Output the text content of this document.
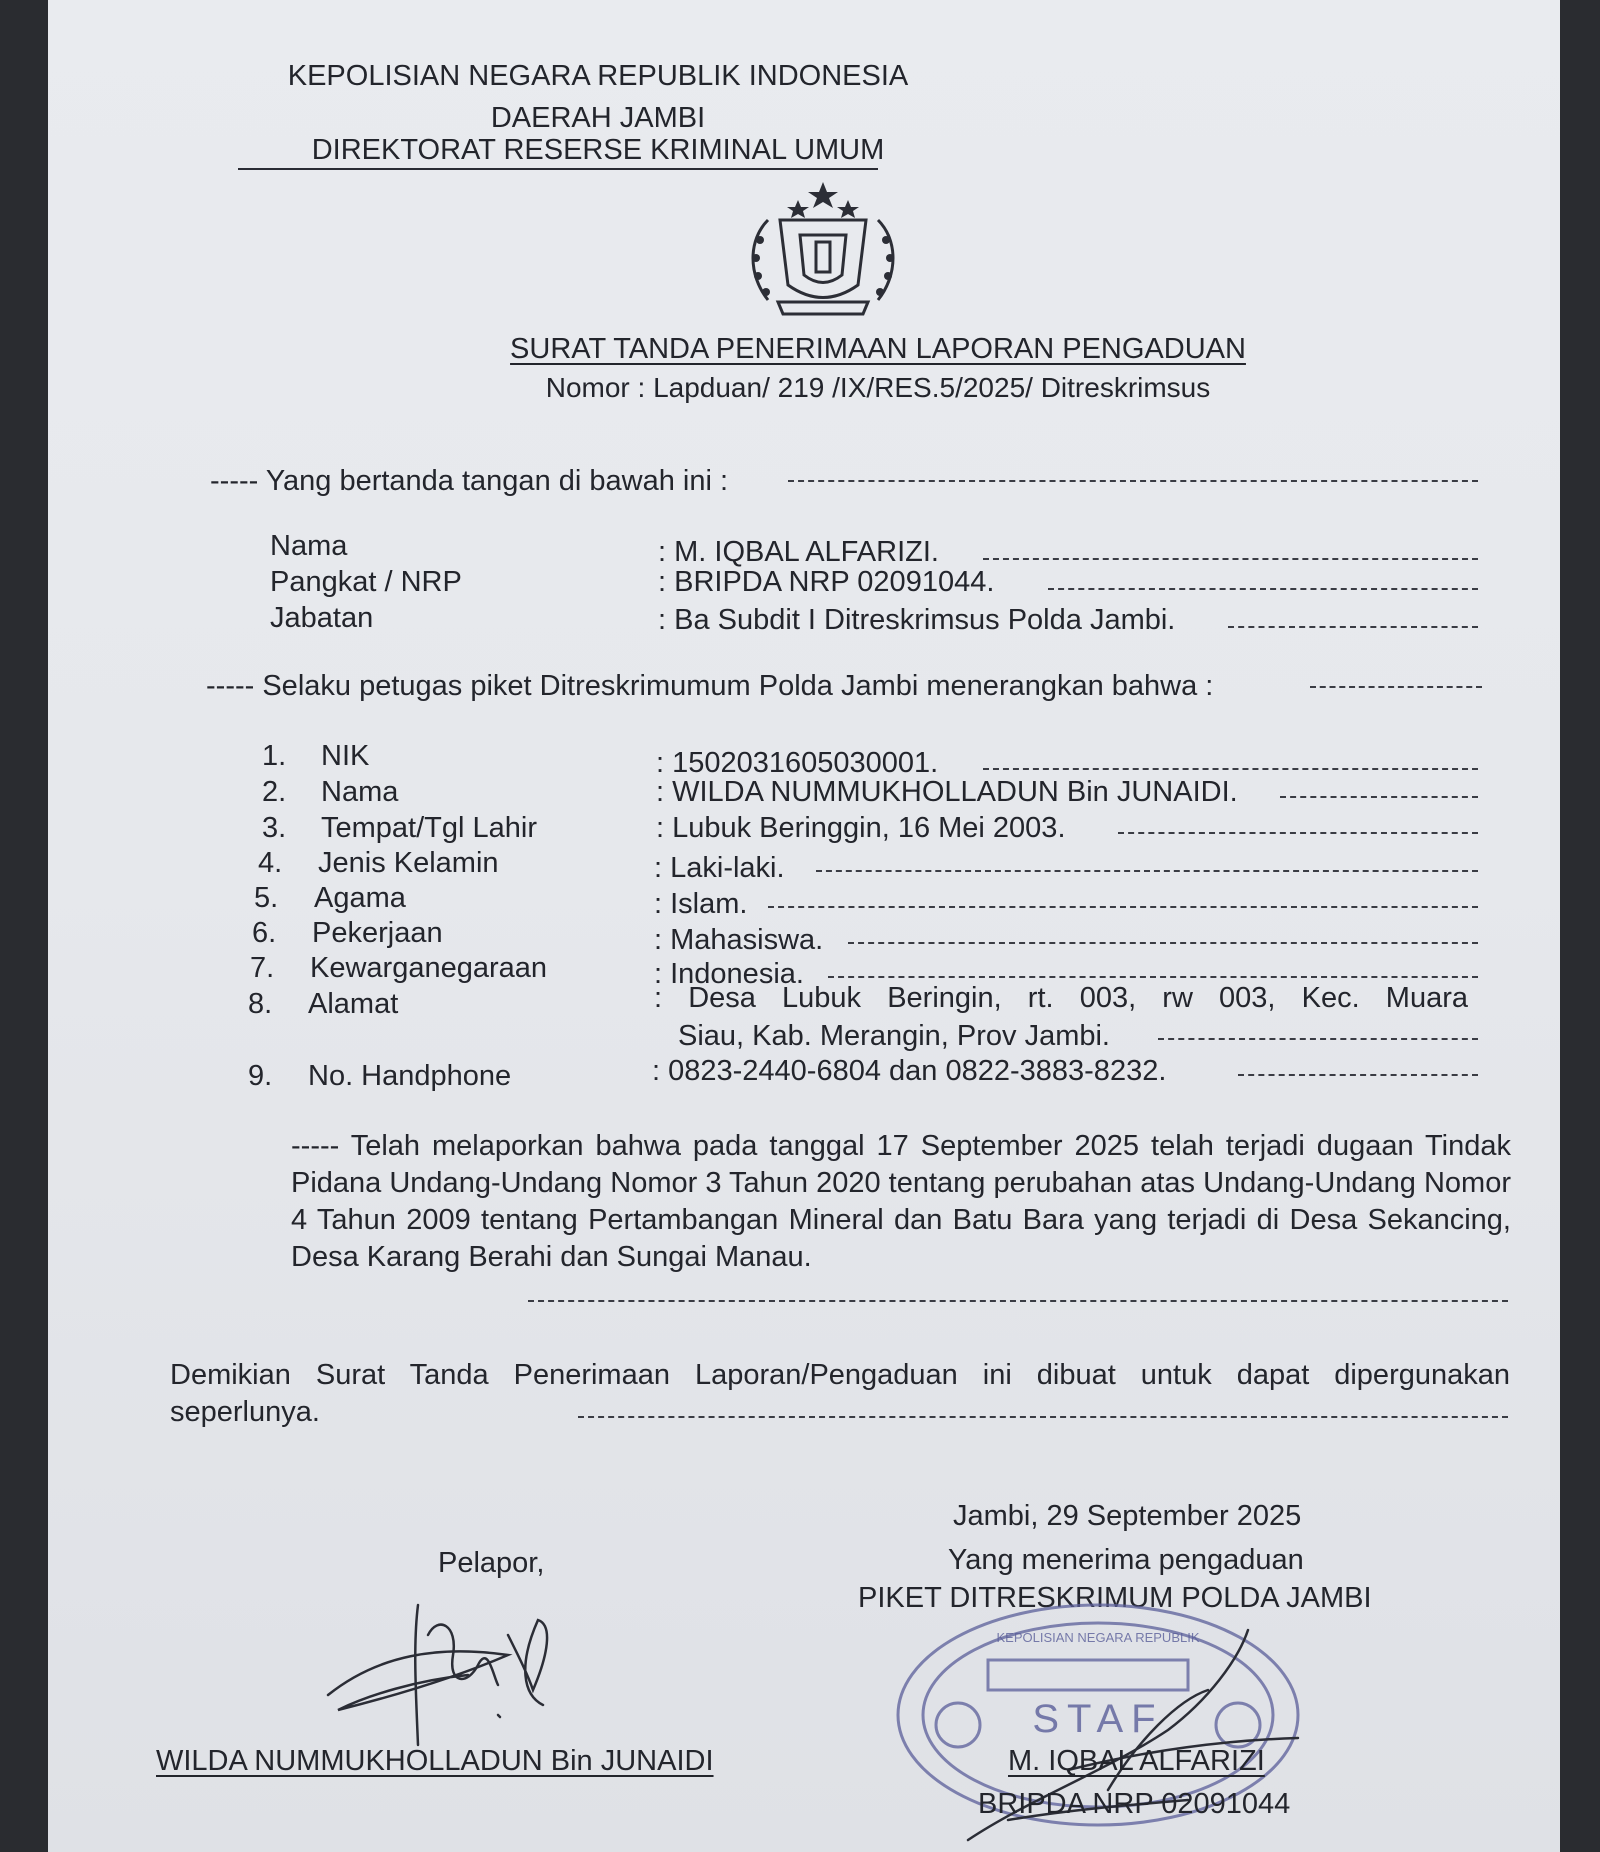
KEPOLISIAN NEGARA REPUBLIK INDONESIA
DAERAH JAMBI
DIREKTORAT RESERSE KRIMINAL UMUM
SURAT TANDA PENERIMAAN LAPORAN PENGADUAN
Nomor : Lapduan/ 219 /IX/RES.5/2025/ Ditreskrimsus
----- Yang bertanda tangan di bawah ini :
Nama	: M. IQBAL ALFARIZI.
Pangkat / NRP	: BRIPDA NRP 02091044.
Jabatan	: Ba Subdit I Ditreskrimsus Polda Jambi.
----- Selaku petugas piket Ditreskrimumum Polda Jambi menerangkan bahwa :
1. NIK	: 1502031605030001.
2. Nama	: WILDA NUMMUKHOLLADUN Bin JUNAIDI.
3. Tempat/Tgl Lahir	: Lubuk Beringgin, 16 Mei 2003.
4. Jenis Kelamin	: Laki-laki.
5. Agama	: Islam.
6. Pekerjaan	: Mahasiswa.
7. Kewarganegaraan	: Indonesia.
8. Alamat	: Desa Lubuk Beringin, rt. 003, rw 003, Kec. Muara
Siau, Kab. Merangin, Prov Jambi.
9. No. Handphone	: 0823-2440-6804 dan 0822-3883-8232.
----- Telah melaporkan bahwa pada tanggal 17 September 2025 telah terjadi dugaan Tindak Pidana Undang-Undang Nomor 3 Tahun 2020 tentang perubahan atas Undang-Undang Nomor 4 Tahun 2009 tentang Pertambangan Mineral dan Batu Bara yang terjadi di Desa Sekancing, Desa Karang Berahi dan Sungai Manau.
Demikian Surat Tanda Penerimaan Laporan/Pengaduan ini dibuat untuk dapat dipergunakan seperlunya.
Jambi, 29 September 2025
Yang menerima pengaduan
PIKET DITRESKRIMUM POLDA JAMBI
Pelapor,
KEPOLISIAN NEGARA REPUBLIK
STAF
WILDA NUMMUKHOLLADUN Bin JUNAIDI	M. IQBAL ALFARIZI
BRIPDA NRP 02091044
